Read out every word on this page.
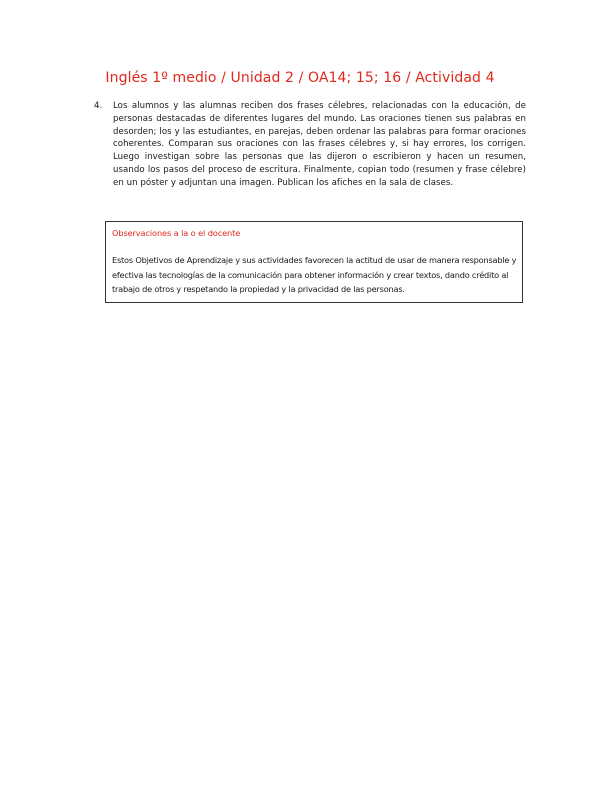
Inglés 1º medio / Unidad 2 / OA14; 15; 16 / Actividad 4
4. Los alumnos y las alumnas reciben dos frases célebres, relacionadas con la educación, de personas destacadas de diferentes lugares del mundo. Las oraciones tienen sus palabras en desorden; los y las estudiantes, en parejas, deben ordenar las palabras para formar oraciones coherentes. Comparan sus oraciones con las frases célebres y, si hay errores, los corrigen. Luego investigan sobre las personas que las dijeron o escribieron y hacen un resumen, usando los pasos del proceso de escritura. Finalmente, copian todo (resumen y frase célebre) en un póster y adjuntan una imagen. Publican los afiches en la sala de clases.
Observaciones a la o el docente
Estos Objetivos de Aprendizaje y sus actividades favorecen la actitud de usar de manera responsable y efectiva las tecnologías de la comunicación para obtener información y crear textos, dando crédito al trabajo de otros y respetando la propiedad y la privacidad de las personas.
